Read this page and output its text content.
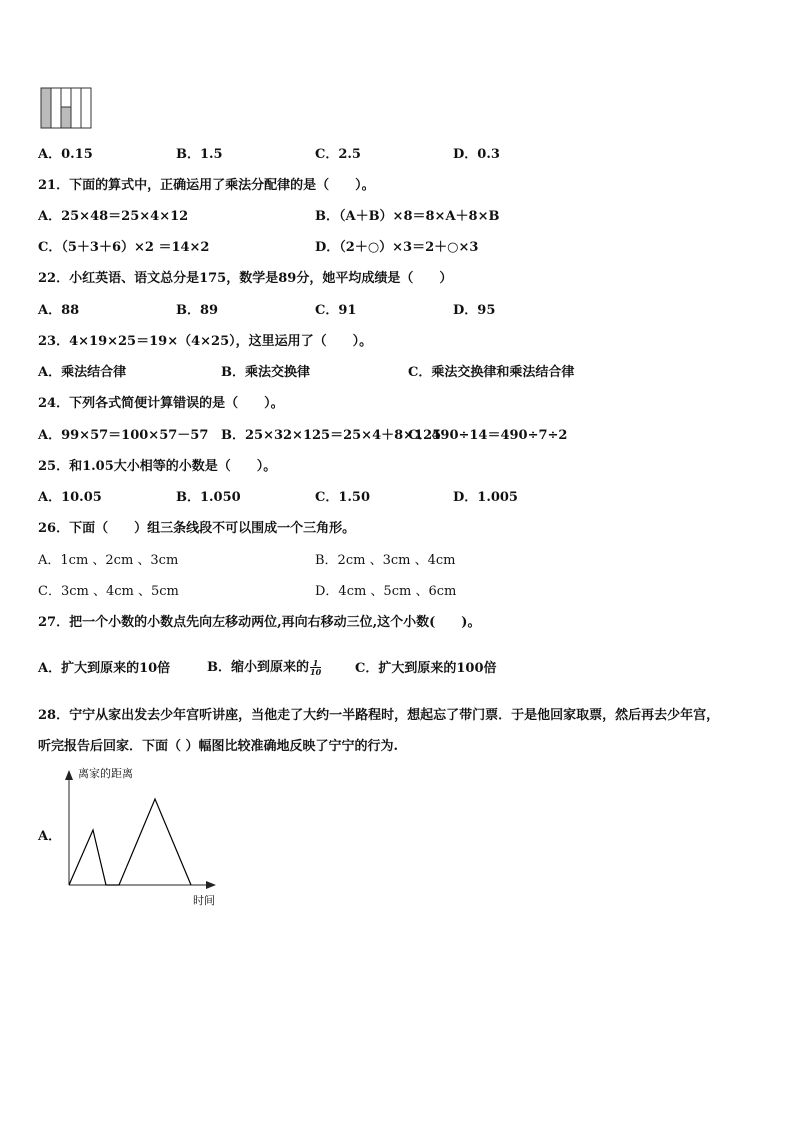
A．0.15	B．1.5	C．2.5	D．0.3
21．下面的算式中，正确运用了乘法分配律的是（　　）。
A．25×48＝25×4×12	B．（A＋B）×8＝8×A＋8×B
C．（5＋3＋6）×2 ＝14×2	D．（2＋○）×3＝2＋○×3
22．小红英语、语文总分是175，数学是89分，她平均成绩是（　　）
A．88	B．89	C．91	D．95
23．4×19×25＝19×（4×25），这里运用了（　　）。
A．乘法结合律	B．乘法交换律	C．乘法交换律和乘法结合律
24．下列各式简便计算错误的是（　　）。
A．99×57＝100×57－57 B．25×32×125＝25×4＋8×125
C．490÷14＝490÷7÷2
25．和1.05大小相等的小数是（　　）。
A．10.05	B．1.050	C．1.50	D．1.005
26．下面（　　）组三条线段不可以围成一个三角形。
A．1cm 、2cm 、3cm	B．2cm 、3cm 、4cm
C．3cm 、4cm 、5cm	D．4cm 、5cm 、6cm
27．把一个小数的小数点先向左移动两位,再向右移动三位,这个小数(　　)。
A．扩大到原来的10倍	B．缩小到原来的 $\frac{1}{10}$	C．扩大到原来的100倍
28．宁宁从家出发去少年宫听讲座，当他走了大约一半路程时，想起忘了带门票．于是他回家取票，然后再去少年宫，
听完报告后回家．下面（ ）幅图比较准确地反映了宁宁的行为.
A．
离家的距离
时间
